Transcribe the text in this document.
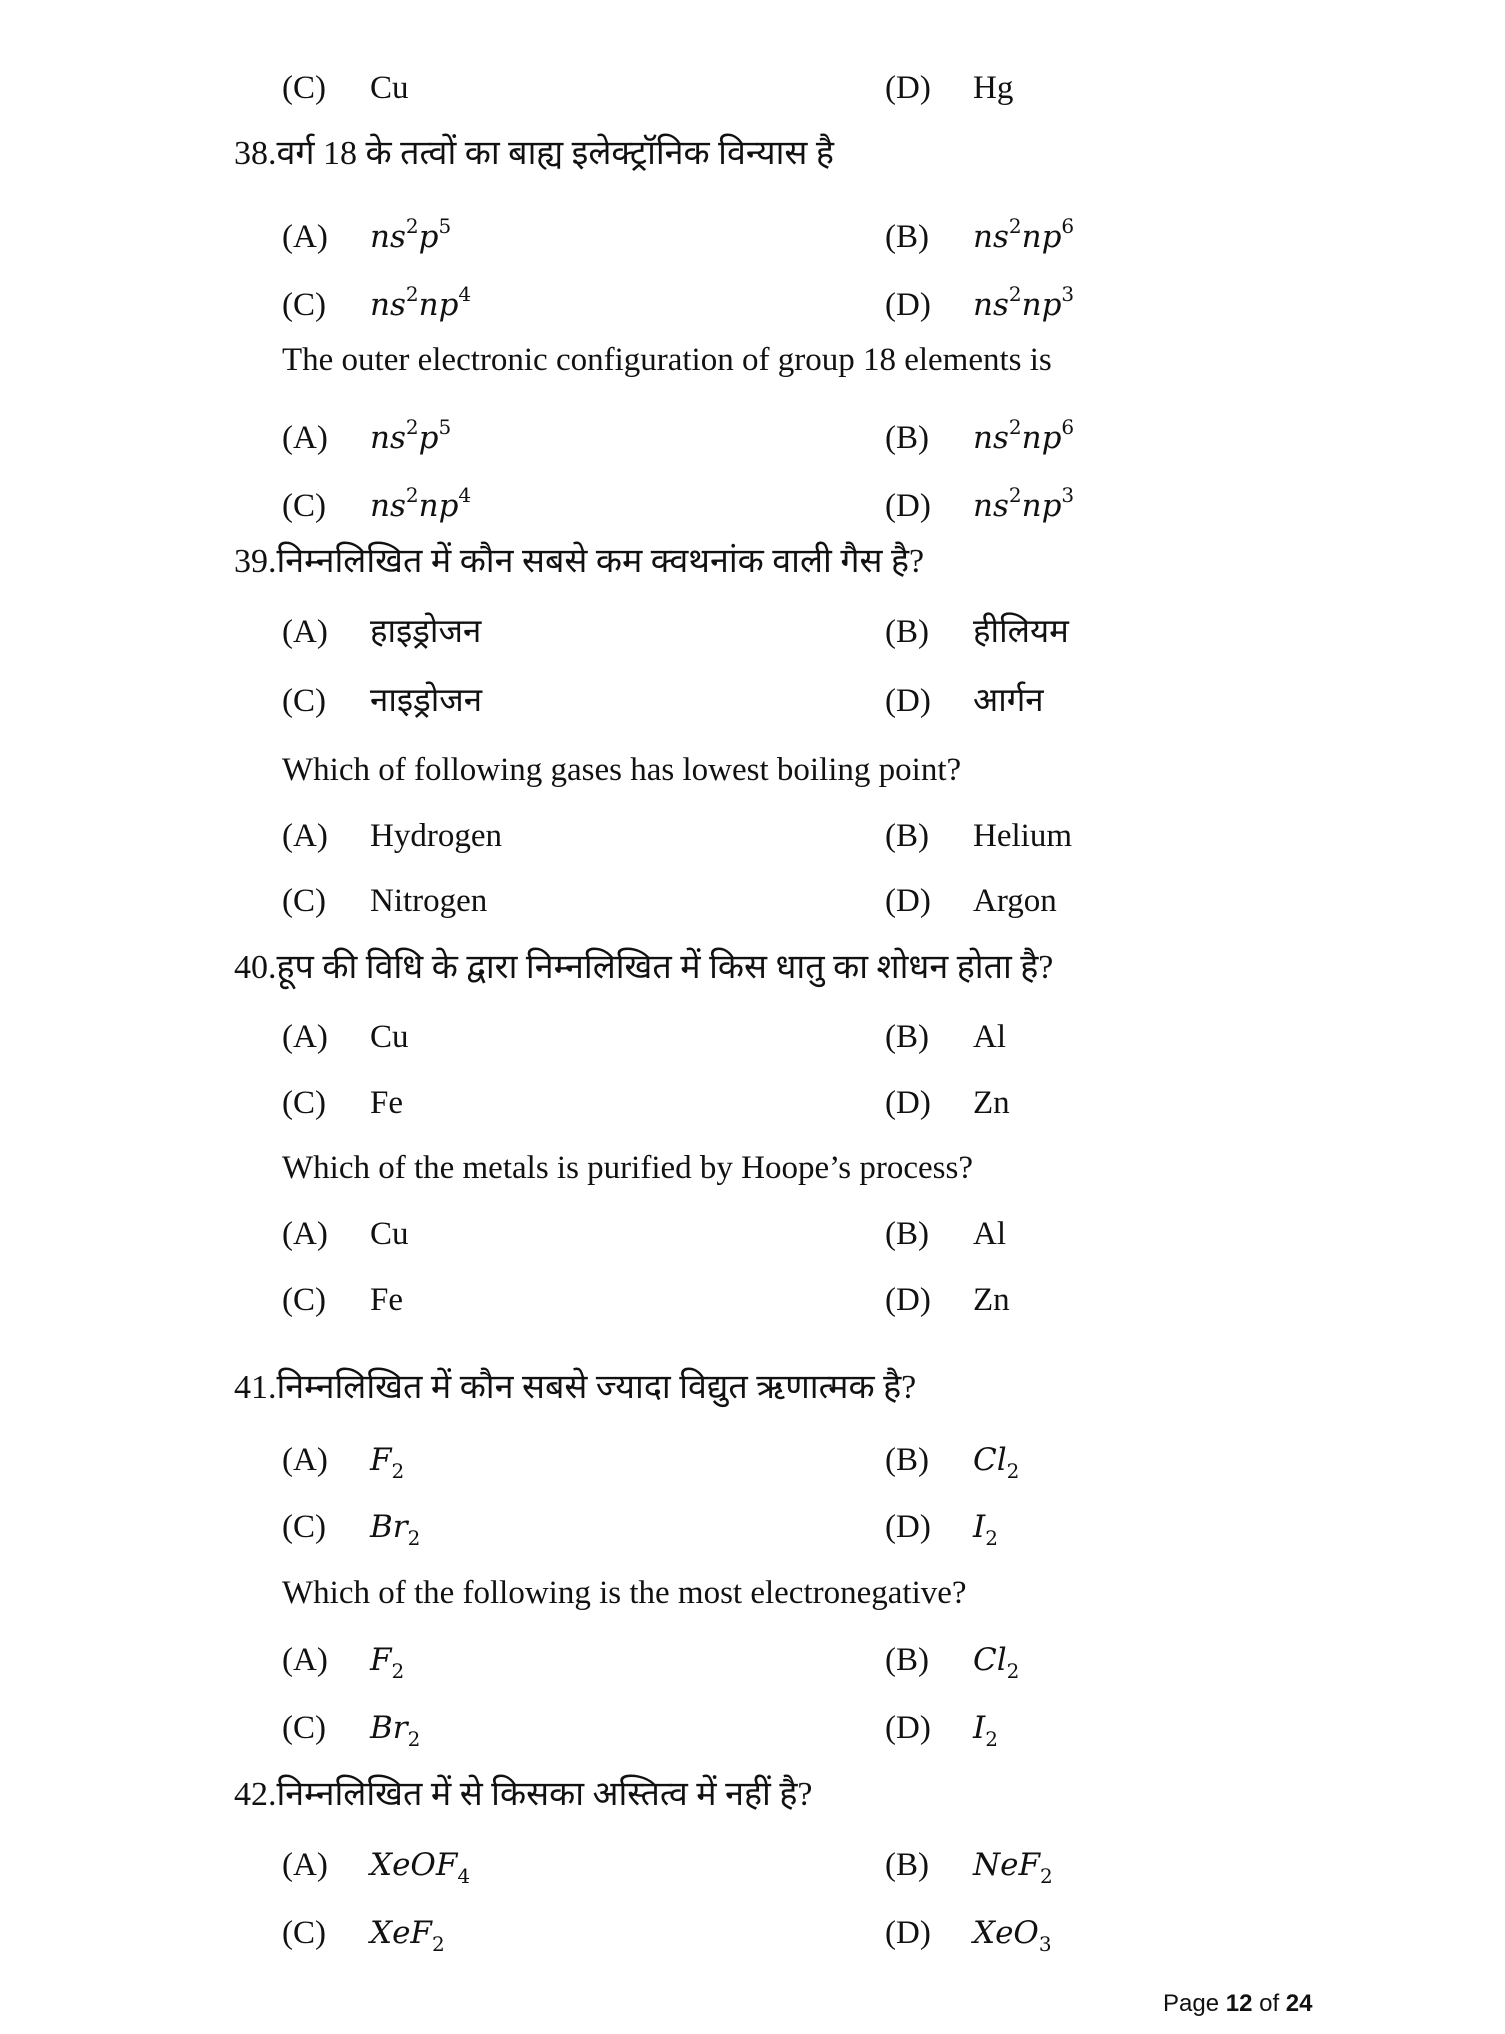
(C) Cu	(D) Hg
38.वर्ग 18 के तत्वों का बाह्य इलेक्ट्रॉनिक विन्यास है
(A) $ns^2p^5$	(B) $ns^2np^6$
(C) $ns^2np^4$	(D) $ns^2np^3$
The outer electronic configuration of group 18 elements is
(A) $ns^2p^5$	(B) $ns^2np^6$
(C) $ns^2np^4$	(D) $ns^2np^3$
39.निम्नलिखित में कौन सबसे कम क्वथनांक वाली गैस है?
(A) हाइड्रोजन	(B) हीलियम
(C) नाइड्रोजन	(D) आर्गन
Which of following gases has lowest boiling point?
(A) Hydrogen	(B) Helium
(C) Nitrogen	(D) Argon
40.हूप की विधि के द्वारा निम्नलिखित में किस धातु का शोधन होता है?
(A) Cu	(B) Al
(C) Fe	(D) Zn
Which of the metals is purified by Hoope’s process?
(A) Cu	(B) Al
(C) Fe	(D) Zn
41.निम्नलिखित में कौन सबसे ज्यादा विद्युत ऋणात्मक है?
(A) $F_2$	(B) $Cl_2$
(C) $Br_2$	(D) $I_2$
Which of the following is the most electronegative?
(A) $F_2$	(B) $Cl_2$
(C) $Br_2$	(D) $I_2$
42.निम्नलिखित में से किसका अस्तित्व में नहीं है?
(A) XeOF$_4$	(B) NeF$_2$
(C) XeF$_2$	(D) XeO$_3$
Page 12 of 24
